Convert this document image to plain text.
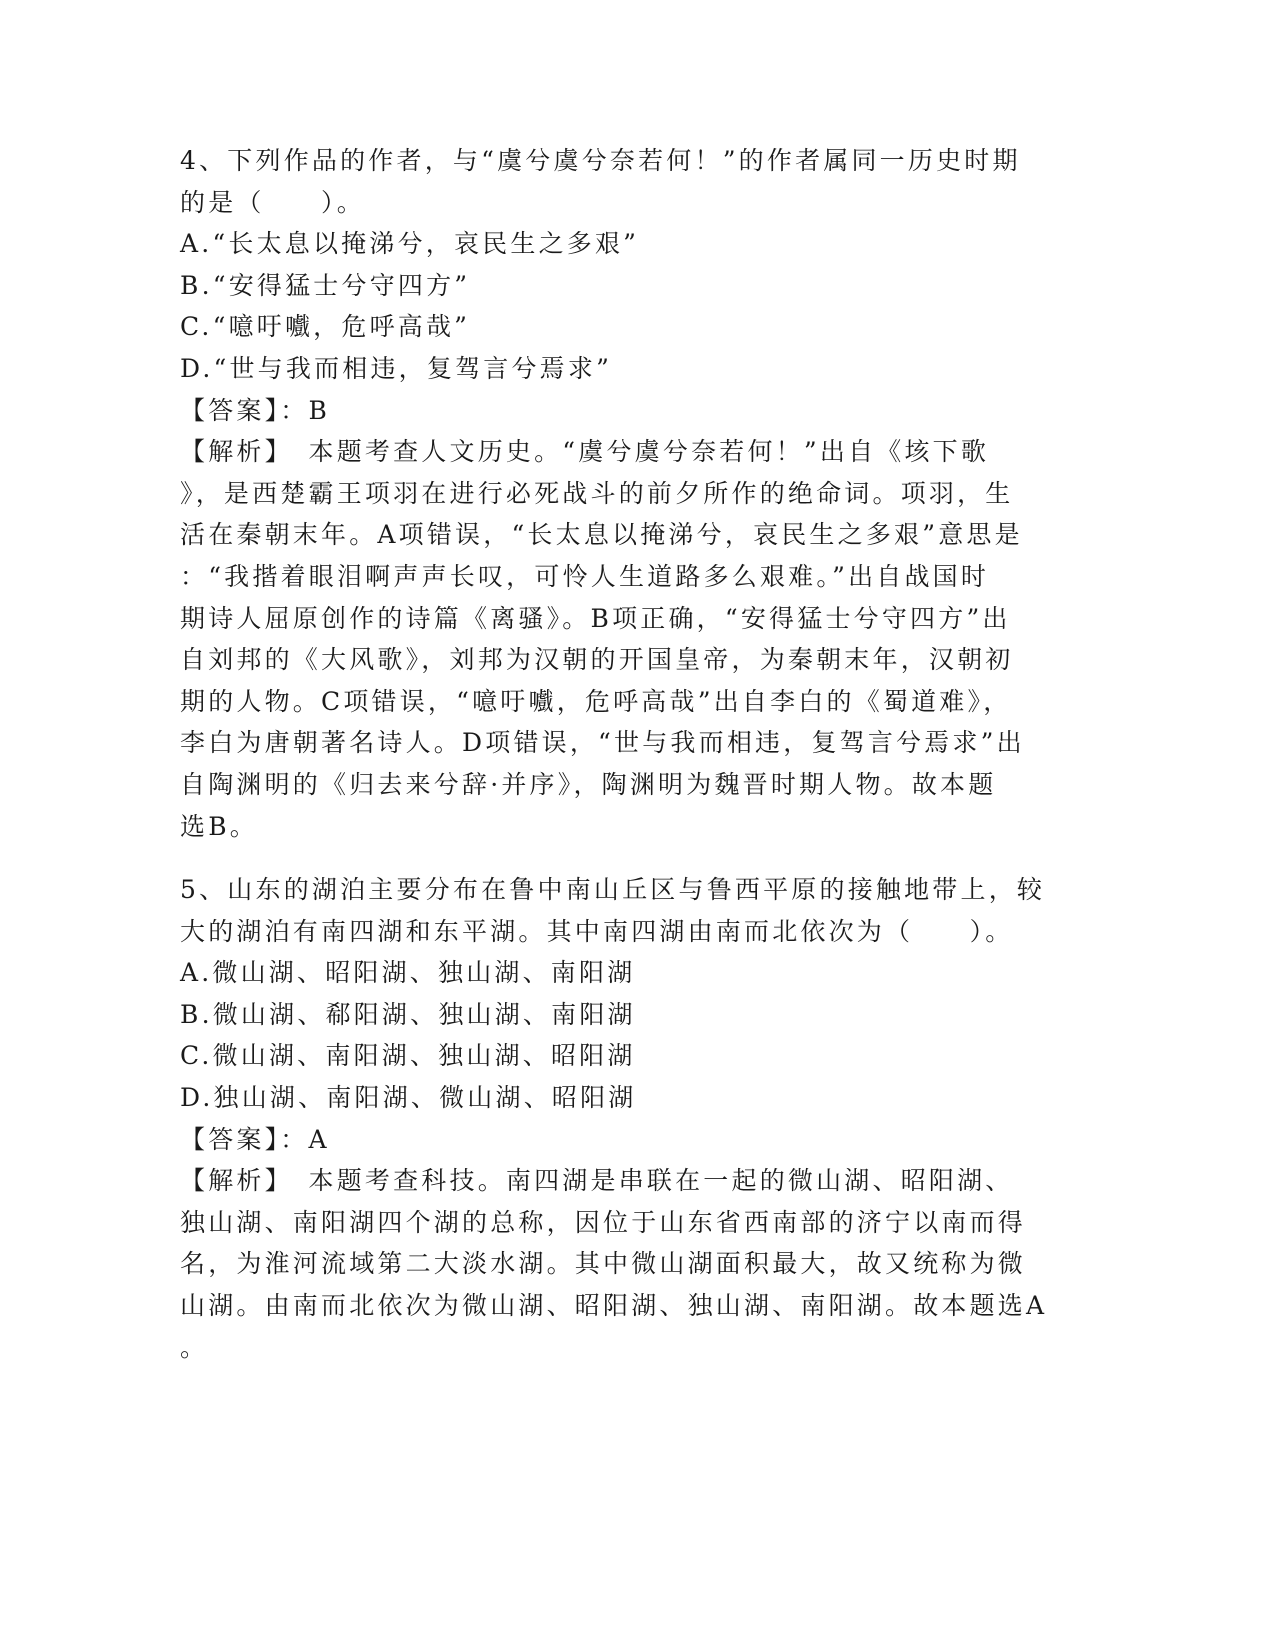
4、下列作品的作者，与“虞兮虞兮奈若何！”的作者属同一历史时期
的是（　　）。
A.“长太息以掩涕兮，哀民生之多艰”
B.“安得猛士兮守四方”
C.“噫吁嚱，危呼高哉”
D.“世与我而相违，复驾言兮焉求”
【答案】：B
【解析】　本题考查人文历史。“虞兮虞兮奈若何！”出自《垓下歌
》，是西楚霸王项羽在进行必死战斗的前夕所作的绝命词。项羽，生
活在秦朝末年。A项错误，“长太息以掩涕兮，哀民生之多艰”意思是
：“我揩着眼泪啊声声长叹，可怜人生道路多么艰难。”出自战国时
期诗人屈原创作的诗篇《离骚》。B项正确，“安得猛士兮守四方”出
自刘邦的《大风歌》，刘邦为汉朝的开国皇帝，为秦朝末年，汉朝初
期的人物。C项错误，“噫吁嚱，危呼高哉”出自李白的《蜀道难》，
李白为唐朝著名诗人。D项错误，“世与我而相违，复驾言兮焉求”出
自陶渊明的《归去来兮辞·并序》，陶渊明为魏晋时期人物。故本题
选B。
5、山东的湖泊主要分布在鲁中南山丘区与鲁西平原的接触地带上，较
大的湖泊有南四湖和东平湖。其中南四湖由南而北依次为（　　）。
A.微山湖、昭阳湖、独山湖、南阳湖
B.微山湖、郗阳湖、独山湖、南阳湖
C.微山湖、南阳湖、独山湖、昭阳湖
D.独山湖、南阳湖、微山湖、昭阳湖
【答案】：A
【解析】　本题考查科技。南四湖是串联在一起的微山湖、昭阳湖、
独山湖、南阳湖四个湖的总称，因位于山东省西南部的济宁以南而得
名，为淮河流域第二大淡水湖。其中微山湖面积最大，故又统称为微
山湖。由南而北依次为微山湖、昭阳湖、独山湖、南阳湖。故本题选A
。
